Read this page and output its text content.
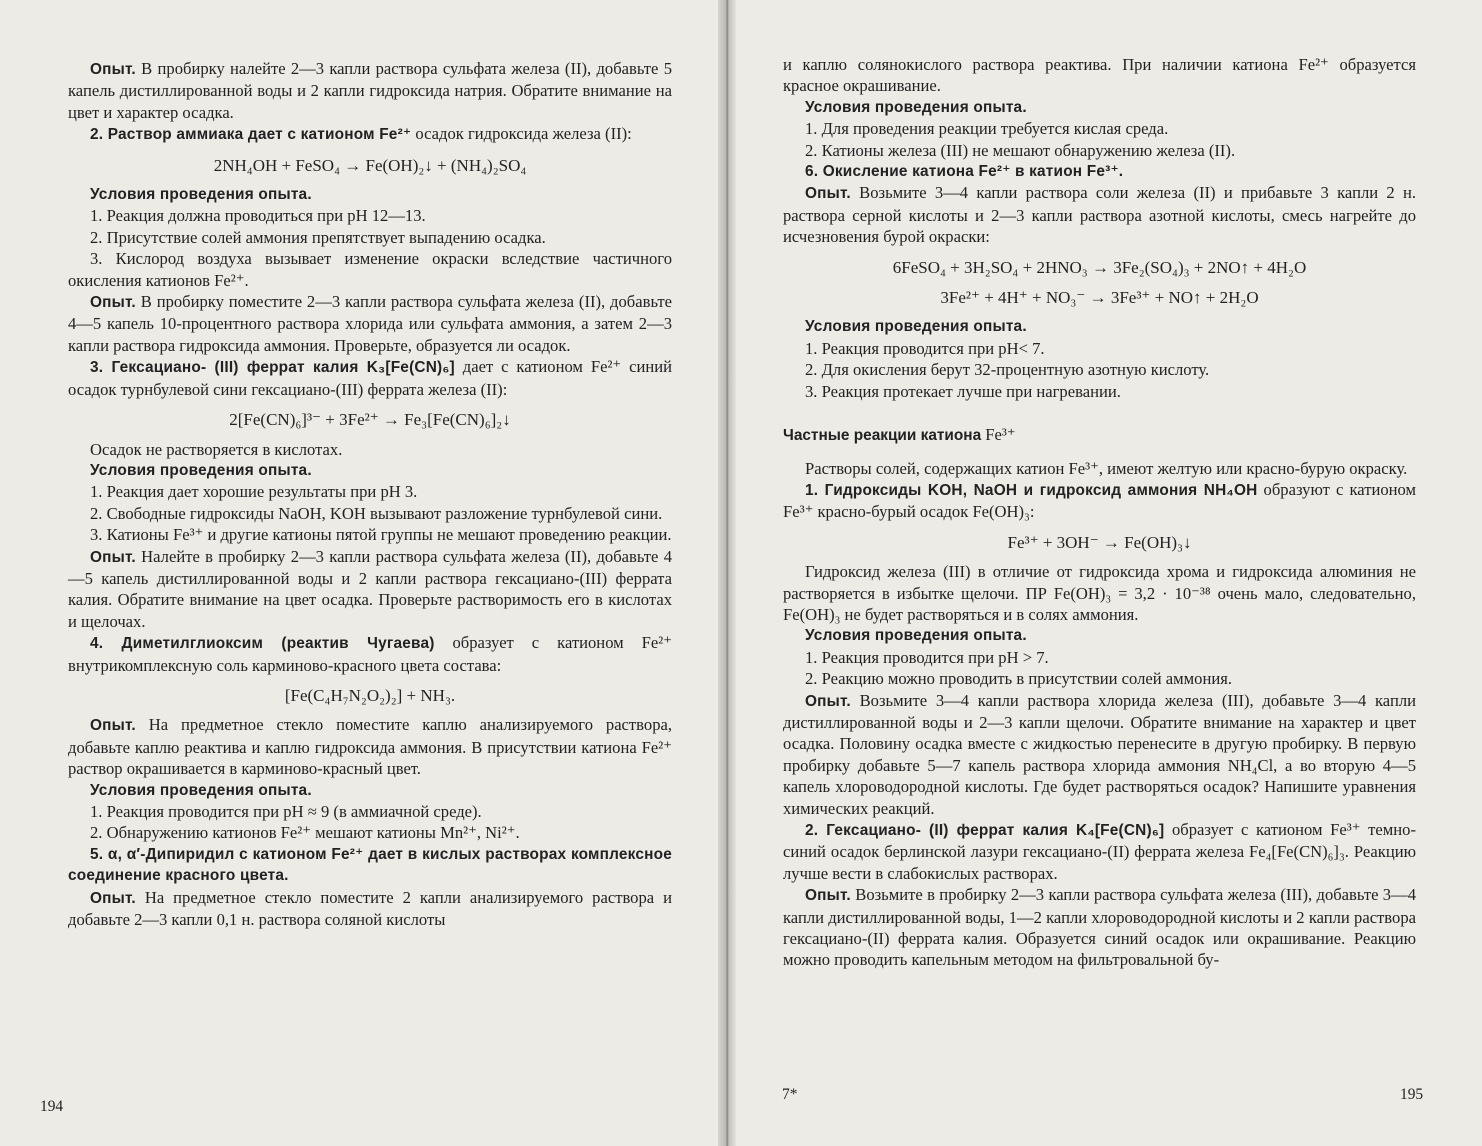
Опыт. В пробирку налейте 2—3 капли раствора сульфата железа (II), добавьте 5 капель дистиллированной воды и 2 капли гидроксида натрия. Обратите внимание на цвет и характер осадка.

2. Раствор аммиака дает с катионом Fe²⁺ осадок гидроксида железа (II):

2NH₄OH + FeSO₄ → Fe(OH)₂↓ + (NH₄)₂SO₄

Условия проведения опыта.

1. Реакция должна проводиться при pH 12—13.

2. Присутствие солей аммония препятствует выпадению осадка.

3. Кислород воздуха вызывает изменение окраски вследствие частичного окисления катионов Fe²⁺.

Опыт. В пробирку поместите 2—3 капли раствора сульфата железа (II), добавьте 4—5 капель 10-процентного раствора хлорида или сульфата аммония, а затем 2—3 капли раствора гидроксида аммония. Проверьте, образуется ли осадок.

3. Гексациано- (III) феррат калия K₃[Fe(CN)₆] дает с катионом Fe²⁺ синий осадок турнбулевой сини гексациано-(III) феррата железа (II):

2[Fe(CN)₆]³⁻ + 3Fe²⁺ → Fe₃[Fe(CN)₆]₂↓

Осадок не растворяется в кислотах.

Условия проведения опыта.

1. Реакция дает хорошие результаты при pH 3.

2. Свободные гидроксиды NaOH, KOH вызывают разложение турнбулевой сини.

3. Катионы Fe³⁺ и другие катионы пятой группы не мешают проведению реакции.

Опыт. Налейте в пробирку 2—3 капли раствора сульфата железа (II), добавьте 4—5 капель дистиллированной воды и 2 капли раствора гексациано-(III) феррата калия. Обратите внимание на цвет осадка. Проверьте растворимость его в кислотах и щелочах.

4. Диметилглиоксим (реактив Чугаева) образует с катионом Fe²⁺ внутрикомплексную соль карминово-красного цвета состава:

[Fe(C₄H₇N₂O₂)₂] + NH₃.

Опыт. На предметное стекло поместите каплю анализируемого раствора, добавьте каплю реактива и каплю гидроксида аммония. В присутствии катиона Fe²⁺ раствор окрашивается в карминово-красный цвет.

Условия проведения опыта.

1. Реакция проводится при pH ≈ 9 (в аммиачной среде).

2. Обнаружению катионов Fe²⁺ мешают катионы Mn²⁺, Ni²⁺.

5. α, α′-Дипиридил с катионом Fe²⁺ дает в кислых растворах комплексное соединение красного цвета.

Опыт. На предметное стекло поместите 2 капли анализируемого раствора и добавьте 2—3 капли 0,1 н. раствора соляной кислоты

и каплю солянокислого раствора реактива. При наличии катиона Fe²⁺ образуется красное окрашивание.

Условия проведения опыта.

1. Для проведения реакции требуется кислая среда.

2. Катионы железа (III) не мешают обнаружению железа (II).

6. Окисление катиона Fe²⁺ в катион Fe³⁺.

Опыт. Возьмите 3—4 капли раствора соли железа (II) и прибавьте 3 капли 2 н. раствора серной кислоты и 2—3 капли раствора азотной кислоты, смесь нагрейте до исчезновения бурой окраски:

6FeSO₄ + 3H₂SO₄ + 2HNO₃ → 3Fe₂(SO₄)₃ + 2NO↑ + 4H₂O

3Fe²⁺ + 4H⁺ + NO₃⁻ → 3Fe³⁺ + NO↑ + 2H₂O

Условия проведения опыта.

1. Реакция проводится при pH< 7.

2. Для окисления берут 32-процентную азотную кислоту.

3. Реакция протекает лучше при нагревании.

Частные реакции катиона Fe³⁺

Растворы солей, содержащих катион Fe³⁺, имеют желтую или красно-бурую окраску.

1. Гидроксиды KOH, NaOH и гидроксид аммония NH₄OH образуют с катионом Fe³⁺ красно-бурый осадок Fe(OH)₃:

Fe³⁺ + 3OH⁻ → Fe(OH)₃↓

Гидроксид железа (III) в отличие от гидроксида хрома и гидроксида алюминия не растворяется в избытке щелочи. ПР Fe(OH)₃ = 3,2 · 10⁻³⁸ очень мало, следовательно, Fe(OH)₃ не будет растворяться и в солях аммония.

Условия проведения опыта.

1. Реакция проводится при pH > 7.

2. Реакцию можно проводить в присутствии солей аммония.

Опыт. Возьмите 3—4 капли раствора хлорида железа (III), добавьте 3—4 капли дистиллированной воды и 2—3 капли щелочи. Обратите внимание на характер и цвет осадка. Половину осадка вместе с жидкостью перенесите в другую пробирку. В первую пробирку добавьте 5—7 капель раствора хлорида аммония NH₄Cl, а во вторую 4—5 капель хлороводородной кислоты. Где будет растворяться осадок? Напишите уравнения химических реакций.

2. Гексациано- (II) феррат калия K₄[Fe(CN)₆] образует с катионом Fe³⁺ темно-синий осадок берлинской лазури гексациано-(II) феррата железа Fe₄[Fe(CN)₆]₃. Реакцию лучше вести в слабокислых растворах.

Опыт. Возьмите в пробирку 2—3 капли раствора сульфата железа (III), добавьте 3—4 капли дистиллированной воды, 1—2 капли хлороводородной кислоты и 2 капли раствора гексациано-(II) феррата калия. Образуется синий осадок или окрашивание. Реакцию можно проводить капельным методом на фильтровальной бу-

194
7*	195
